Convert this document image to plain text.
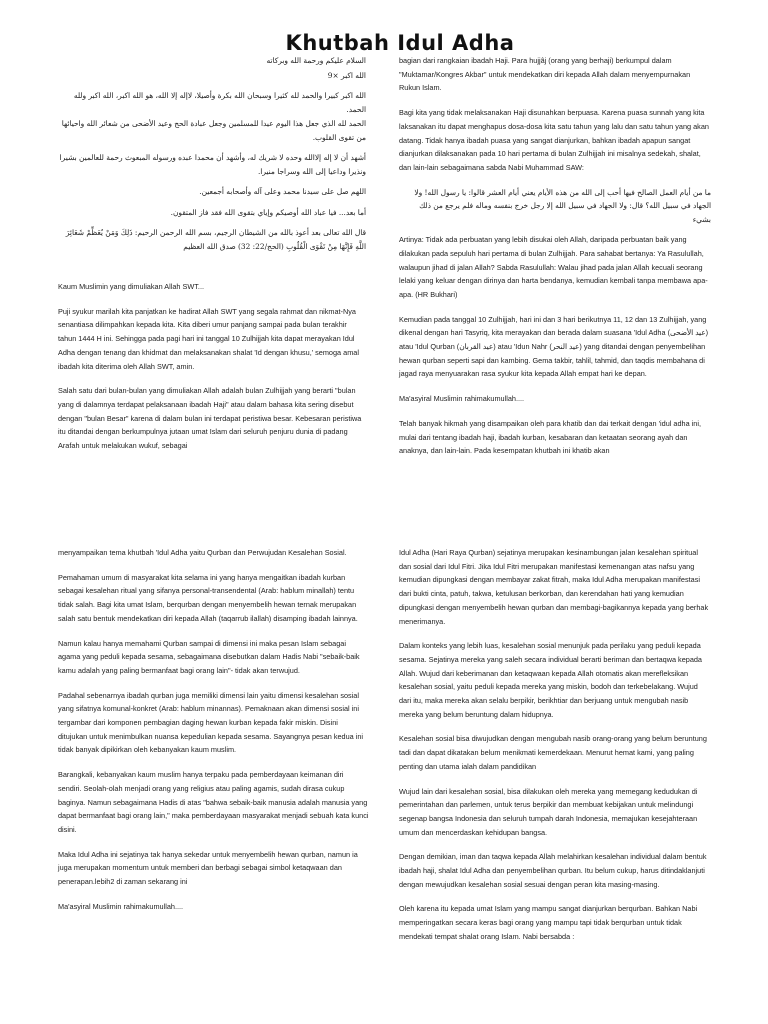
Khutbah Idul Adha

السلام عليكم ورحمة الله وبركاته

الله اكبر ×9

الله اكبر كبيرا والحمد لله كثيرا وسبحان الله بكرة وأصيلا، لاإله إلا الله، هو الله اكبر، الله اكبر ولله الحمد.

الحمد لله الذي جعل هذا اليوم عيدا للمسلمين وجعل عبادة الحج وعيد الأضحى من شعائر الله واحيائها من تقوى القلوب.

أشهد أن لا إله إلاالله وحده لا شريك له، وأشهد أن محمدا عبده ورسوله المبعوث رحمة للعالمين بشيرا ونذيرا وداعيا إلى الله وسراجا منيرا.

اللهم صل على سيدنا محمد وعلى آله وأصحابه أجمعين.

أما بعد... فيا عباد الله أوصيكم وإياي بتقوى الله فقد فاز المتقون.

قال الله تعالى بعد أعوذ بالله من الشيطان الرجيم، بسم الله الرحمن الرحيم: ذَلِكَ وَمَنْ يُعَظِّمْ شَعَائِرَ اللَّهِ فَإِنَّهَا مِنْ تَقْوَى الْقُلُوبِ (الحج/22: 32) صدق الله العظيم

Kaum Muslimin yang dimuliakan Allah SWT...

Puji syukur marilah kita panjatkan ke hadirat Allah SWT yang segala rahmat dan nikmat-Nya senantiasa dilimpahkan kepada kita. Kita diberi umur panjang sampai pada bulan terakhir tahun 1444 H ini. Sehingga pada pagi hari ini tanggal 10 Zulhijjah kita dapat merayakan Idul Adha dengan tenang dan khidmat dan melaksanakan shalat 'Id dengan khusu,' semoga amal ibadah kita diterima oleh Allah SWT, amin.

Salah satu dari bulan-bulan yang dimuliakan Allah adalah bulan Zulhijjah yang berarti "bulan yang di dalamnya terdapat pelaksanaan ibadah Haji" atau dalam bahasa kita sering disebut dengan "bulan Besar" karena di dalam bulan ini terdapat peristiwa besar. Kebesaran peristiwa itu ditandai dengan berkumpulnya jutaan umat Islam dari seluruh penjuru dunia di padang Arafah untuk melakukan wukuf, sebagai

bagian dari rangkaian ibadah Haji. Para hujjâj (orang yang berhaji) berkumpul dalam "Muktamar/Kongres Akbar" untuk mendekatkan diri kepada Allah dalam menyempurnakan Rukun Islam.

Bagi kita yang tidak melaksanakan Haji disunahkan berpuasa. Karena puasa sunnah yang kita laksanakan itu dapat menghapus dosa-dosa kita satu tahun yang lalu dan satu tahun yang akan datang. Tidak hanya ibadah puasa yang sangat dianjurkan, bahkan ibadah apapun sangat dianjurkan dilaksanakan pada 10 hari pertama di bulan Zulhijjah ini misalnya sedekah, shalat, dan lain-lain sebagaimana sabda Nabi Muhammad SAW:

ما من أيام العمل الصالح فيها أحب إلى الله من هذه الأيام يعني أيام العشر قالوا: يا رسول الله! ولا الجهاد في سبيل الله؟ قال: ولا الجهاد في سبيل الله إلا رجل خرج بنفسه وماله فلم يرجع من ذلك بشيء

Artinya: Tidak ada perbuatan yang lebih disukai oleh Allah, daripada perbuatan baik yang dilakukan pada sepuluh hari pertama di bulan Zulhijjah. Para sahabat bertanya: Ya Rasulullah, walaupun jihad di jalan Allah? Sabda Rasulullah: Walau jihad pada jalan Allah kecuali seorang lelaki yang keluar dengan dirinya dan harta bendanya, kemudian kembali tanpa membawa apa-apa. (HR Bukhari)

Kemudian pada tanggal 10 Zulhijjah, hari ini dan 3 hari berikutnya 11, 12 dan 13 Zulhijjah, yang dikenal dengan hari Tasyriq, kita merayakan dan berada dalam suasana 'Idul Adha (عيد الأضحى) atau 'Idul Qurban (عيد القربان) atau 'Idun Nahr (عيد النحر) yang ditandai dengan penyembelihan hewan qurban seperti sapi dan kambing. Gema takbir, tahlil, tahmid, dan taqdis membahana di jagad raya menyuarakan rasa syukur kita kepada Allah empat hari ke depan.

Ma'asyiral Muslimin rahimakumullah....

Telah banyak hikmah yang disampaikan oleh para khatib dan dai terkait dengan 'idul adha ini, mulai dari tentang ibadah haji, ibadah kurban, kesabaran dan ketaatan seorang ayah dan anaknya, dan lain-lain. Pada kesempatan khutbah ini khatib akan

menyampaikan tema khutbah 'Idul Adha yaitu Qurban dan Perwujudan Kesalehan Sosial.

Pemahaman umum di masyarakat kita selama ini yang hanya mengaitkan ibadah kurban sebagai kesalehan ritual yang sifanya personal-transendental (Arab: hablum minallah) tentu tidak salah. Bagi kita umat Islam, berqurban dengan menyembelih hewan ternak merupakan salah satu bentuk mendekatkan diri kepada Allah (taqarrub ilallah) disamping ibadah lainnya.

Namun kalau hanya memahami Qurban sampai di dimensi ini maka pesan Islam sebagai agama yang peduli kepada sesama, sebagaimana disebutkan dalam Hadis Nabi "sebaik-baik kamu adalah yang paling bermanfaat bagi orang lain"- tidak akan terwujud.

Padahal sebenarnya ibadah qurban juga memiliki dimensi lain yaitu dimensi kesalehan sosial yang sifatnya komunal-konkret (Arab: hablum minannas). Pemaknaan akan dimensi sosial ini tergambar dari komponen pembagian daging hewan kurban kepada fakir miskin. Disini ditujukan untuk menimbulkan nuansa kepedulian kepada sesama. Sayangnya pesan kedua ini tidak banyak dipikirkan oleh kebanyakan kaum muslim.

Barangkali, kebanyakan kaum muslim hanya terpaku pada pemberdayaan keimanan diri sendiri. Seolah-olah menjadi orang yang religius atau paling agamis, sudah dirasa cukup baginya. Namun sebagaimana Hadis di atas "bahwa sebaik-baik manusia adalah manusia yang dapat bermanfaat bagi orang lain," maka pemberdayaan masyarakat menjadi sebuah kata kunci disini.

Maka Idul Adha ini sejatinya tak hanya sekedar untuk menyembelih hewan qurban, namun ia juga merupakan momentum untuk memberi dan berbagi sebagai simbol ketaqwaan dan penerapan.lebih2 di zaman sekarang ini

Ma'asyiral Muslimin rahimakumullah....

Idul Adha (Hari Raya Qurban) sejatinya merupakan kesinambungan jalan kesalehan spiritual dan sosial dari Idul Fitri. Jika Idul Fitri merupakan manifestasi kemenangan atas nafsu yang kemudian dipungkasi dengan membayar zakat fitrah, maka Idul Adha merupakan manifestasi dari bukti cinta, patuh, takwa, ketulusan berkorban, dan kerendahan hati yang kemudian dipungkasi dengan menyembelih hewan qurban dan membagi-bagikannya kepada yang berhak menerimanya.

Dalam konteks yang lebih luas, kesalehan sosial menunjuk pada perilaku yang peduli kepada sesama. Sejatinya mereka yang saleh secara individual berarti beriman dan bertaqwa kepada Allah. Wujud dari keberimanan dan ketaqwaan kepada Allah otomatis akan merefleksikan kesalehan sosial, yaitu peduli kepada mereka yang miskin, bodoh dan terkebelakang. Wujud dari itu, maka mereka akan selalu berpikir, berikhtiar dan berjuang untuk mengubah nasib mereka yang belum beruntung dalam hidupnya.

Kesalehan sosial bisa diwujudkan dengan mengubah nasib orang-orang yang belum beruntung tadi dan dapat dikatakan belum menikmati kemerdekaan. Menurut hemat kami, yang paling penting dan utama ialah dalam pandidikan

Wujud lain dari kesalehan sosial, bisa dilakukan oleh mereka yang memegang kedudukan di pemerintahan dan parlemen, untuk terus berpikir dan membuat kebijakan untuk melindungi segenap bangsa Indonesia dan seluruh tumpah darah Indonesia, memajukan kesejahteraan umum dan mencerdaskan kehidupan bangsa.

Dengan demikian, iman dan taqwa kepada Allah melahirkan kesalehan individual dalam bentuk ibadah haji, shalat Idul Adha dan penyembelihan qurban. Itu belum cukup, harus ditindaklanjuti dengan mewujudkan kesalehan sosial sesuai dengan peran kita masing-masing.

Oleh karena itu kepada umat Islam yang mampu sangat dianjurkan berqurban. Bahkan Nabi memperingatkan secara keras bagi orang yang mampu tapi tidak berqurban untuk tidak mendekati tempat shalat orang Islam. Nabi bersabda :
